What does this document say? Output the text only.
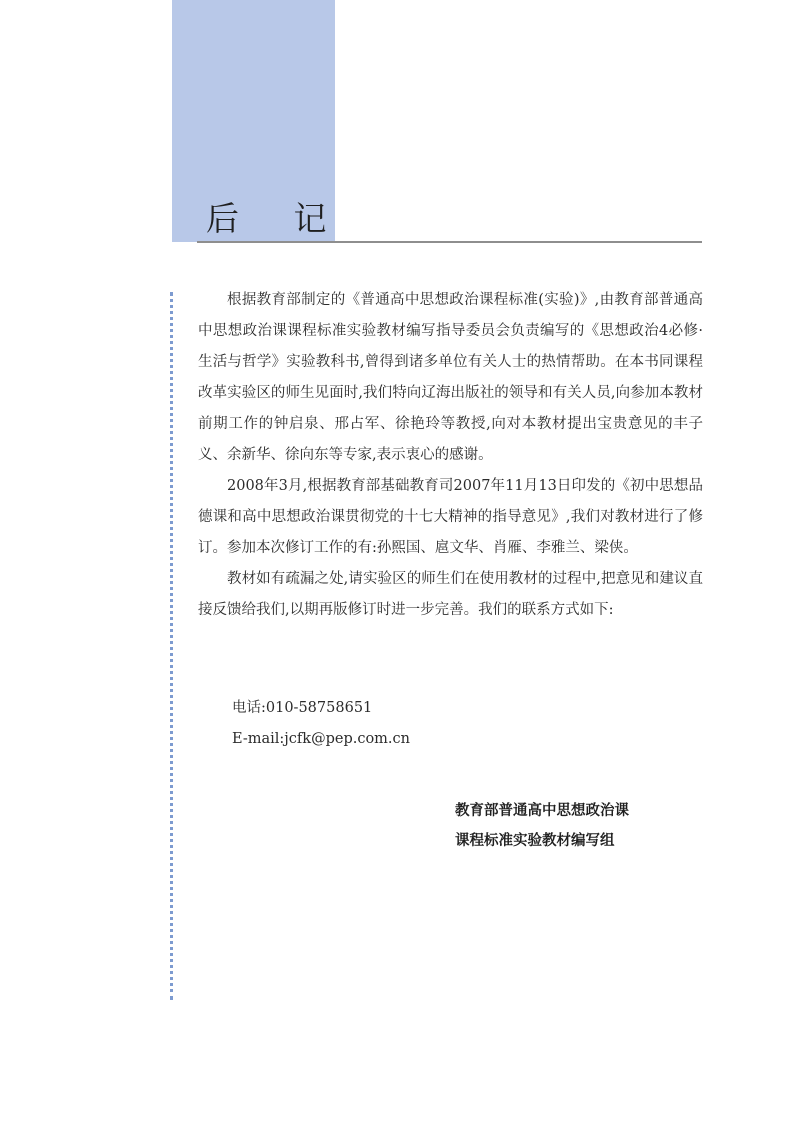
后 记

根据教育部制定的《普通高中思想政治课程标准(实验)》,由教育部普通高中思想政治课课程标准实验教材编写指导委员会负责编写的《思想政治4必修·生活与哲学》实验教科书,曾得到诸多单位有关人士的热情帮助。在本书同课程改革实验区的师生见面时,我们特向辽海出版社的领导和有关人员,向参加本教材前期工作的钟启泉、邢占军、徐艳玲等教授,向对本教材提出宝贵意见的丰子义、余新华、徐向东等专家,表示衷心的感谢。

2008年3月,根据教育部基础教育司2007年11月13日印发的《初中思想品德课和高中思想政治课贯彻党的十七大精神的指导意见》,我们对教材进行了修订。参加本次修订工作的有:孙熙国、扈文华、肖雁、李雅兰、梁侠。

教材如有疏漏之处,请实验区的师生们在使用教材的过程中,把意见和建议直接反馈给我们,以期再版修订时进一步完善。我们的联系方式如下:

电话:010-58758651
E-mail:jcfk@pep.com.cn
教育部普通高中思想政治课
课程标准实验教材编写组
